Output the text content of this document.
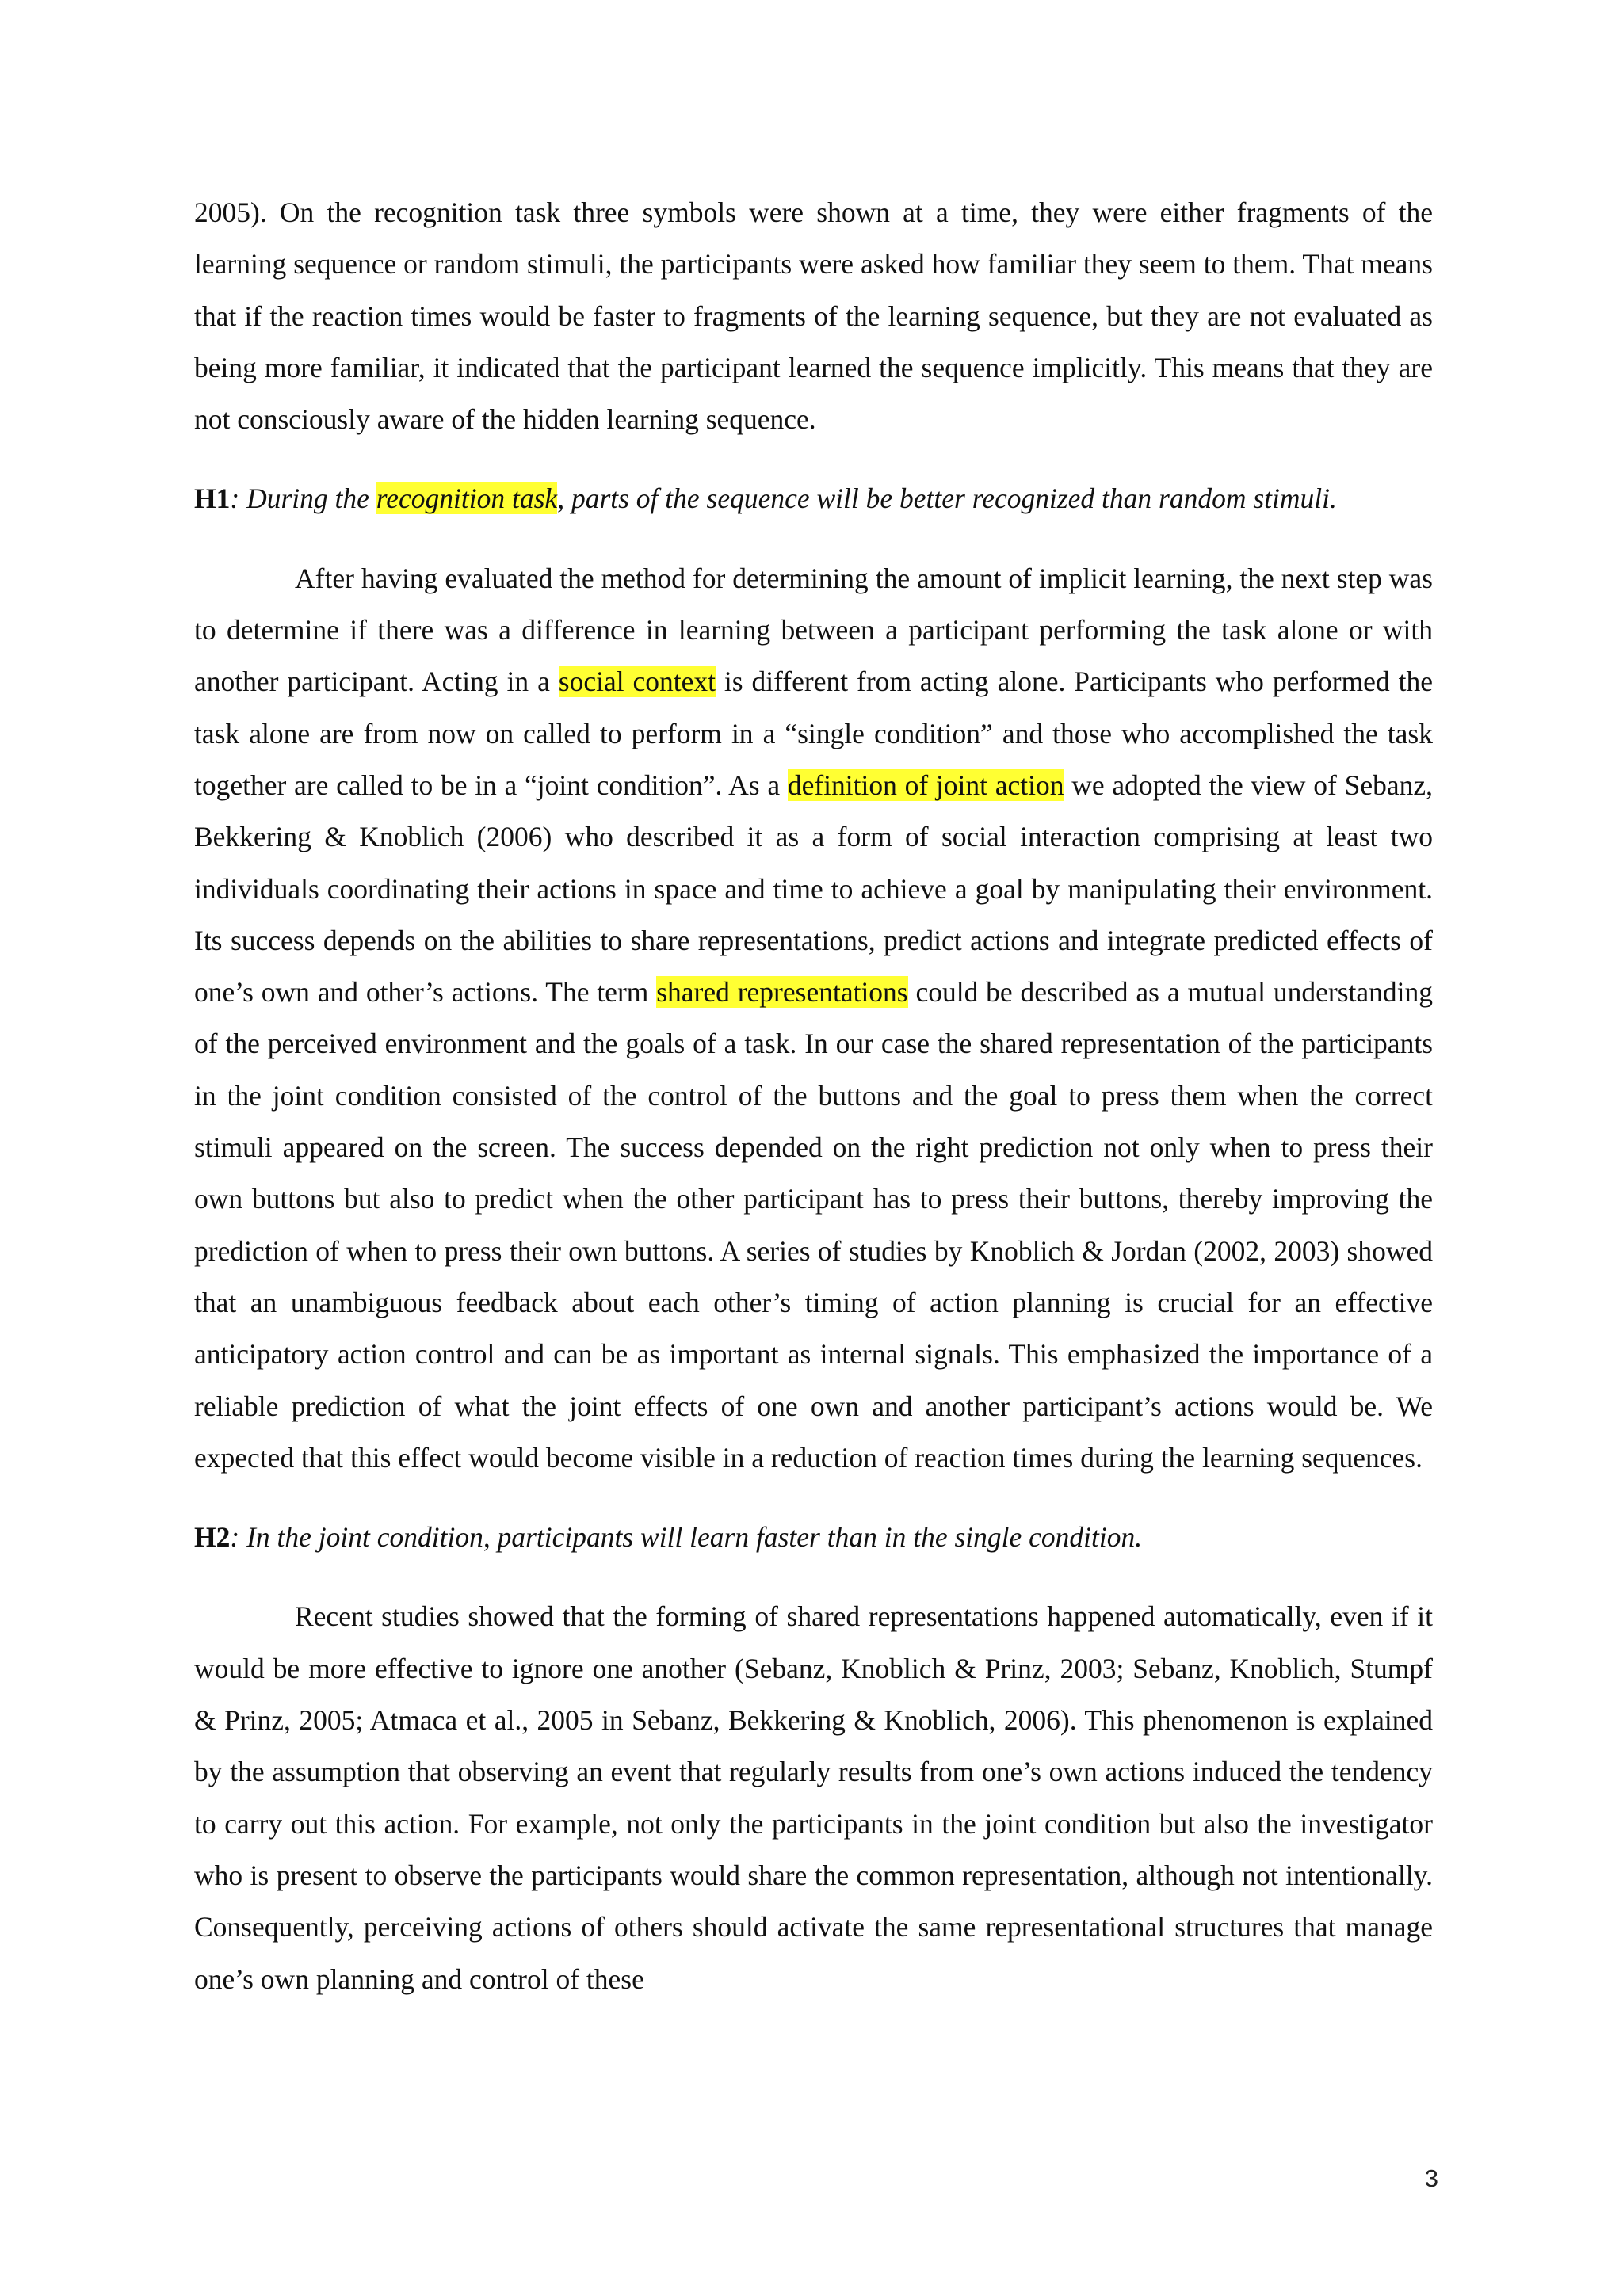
2005). On the recognition task three symbols were shown at a time, they were either fragments of the learning sequence or random stimuli, the participants were asked how familiar they seem to them. That means that if the reaction times would be faster to fragments of the learning sequence, but they are not evaluated as being more familiar, it indicated that the participant learned the sequence implicitly. This means that they are not consciously aware of the hidden learning sequence.

H1: During the recognition task, parts of the sequence will be better recognized than random stimuli.

After having evaluated the method for determining the amount of implicit learning, the next step was to determine if there was a difference in learning between a participant performing the task alone or with another participant. Acting in a social context is different from acting alone. Participants who performed the task alone are from now on called to perform in a “single condition” and those who accomplished the task together are called to be in a “joint condition”. As a definition of joint action we adopted the view of Sebanz, Bekkering & Knoblich (2006) who described it as a form of social interaction comprising at least two individuals coordinating their actions in space and time to achieve a goal by manipulating their environment. Its success depends on the abilities to share representations, predict actions and integrate predicted effects of one’s own and other’s actions. The term shared representations could be described as a mutual understanding of the perceived environment and the goals of a task. In our case the shared representation of the participants in the joint condition consisted of the control of the buttons and the goal to press them when the correct stimuli appeared on the screen. The success depended on the right prediction not only when to press their own buttons but also to predict when the other participant has to press their buttons, thereby improving the prediction of when to press their own buttons. A series of studies by Knoblich & Jordan (2002, 2003) showed that an unambiguous feedback about each other’s timing of action planning is crucial for an effective anticipatory action control and can be as important as internal signals. This emphasized the importance of a reliable prediction of what the joint effects of one own and another participant’s actions would be. We expected that this effect would become visible in a reduction of reaction times during the learning sequences.

H2: In the joint condition, participants will learn faster than in the single condition.

Recent studies showed that the forming of shared representations happened automatically, even if it would be more effective to ignore one another (Sebanz, Knoblich & Prinz, 2003; Sebanz, Knoblich, Stumpf & Prinz, 2005; Atmaca et al., 2005 in Sebanz, Bekkering & Knoblich, 2006). This phenomenon is explained by the assumption that observing an event that regularly results from one’s own actions induced the tendency to carry out this action. For example, not only the participants in the joint condition but also the investigator who is present to observe the participants would share the common representation, although not intentionally. Consequently, perceiving actions of others should activate the same representational structures that manage one’s own planning and control of these

3
